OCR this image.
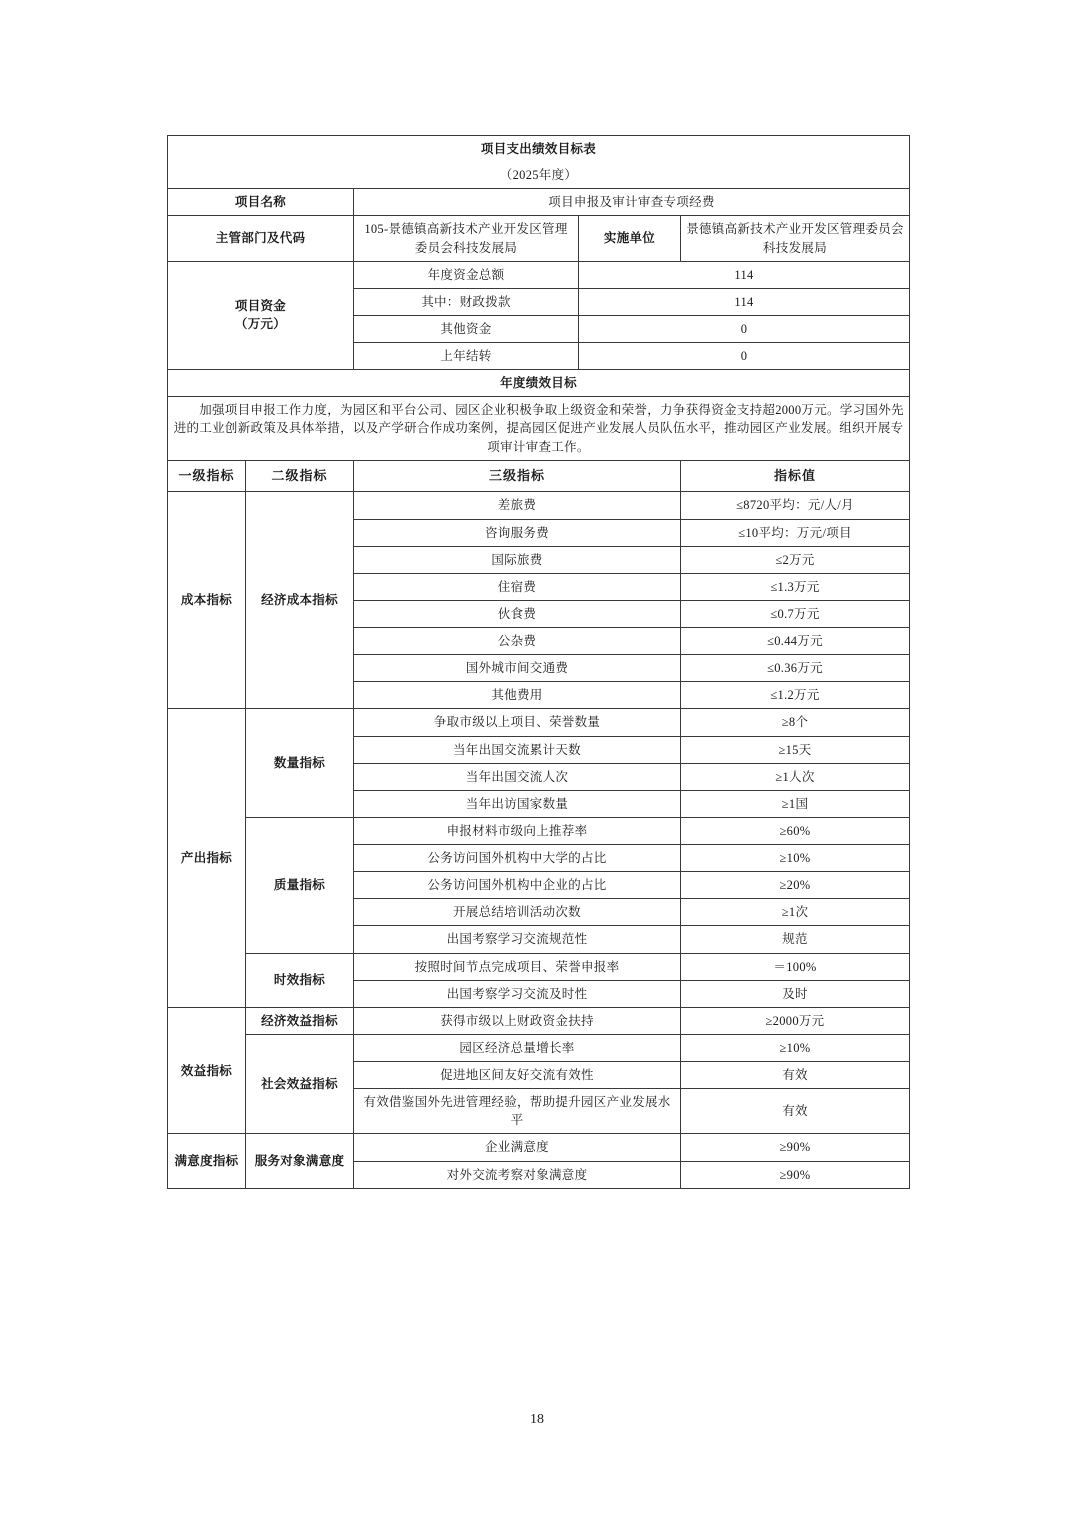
项目支出绩效目标表				
（2025年度）				
项目名称		项目申报及审计审查专项经费		
主管部门及代码		105-景德镇高新技术产业开发区管理委员会科技发展局	实施单位	景德镇高新技术产业开发区管理委员会科技发展局

项目资金
（万元）		年度资金总额	114	
		其中：财政拨款	114	
		其他资金	0	
		上年结转	0	
年度绩效目标				
加强项目申报工作力度，为园区和平台公司、园区企业积极争取上级资金和荣誉，力争获得资金支持超2000万元。学习国外先进的工业创新政策及具体举措，以及产学研合作成功案例，提高园区促进产业发展人员队伍水平，推动园区产业发展。组织开展专项审计审查工作。				
一级指标	二级指标	三级指标		指标值
成本指标	经济成本指标	差旅费		≤8720平均：元/人/月
		咨询服务费		≤10平均：万元/项目
		国际旅费		≤2万元
		住宿费		≤1.3万元
		伙食费		≤0.7万元
		公杂费		≤0.44万元
		国外城市间交通费		≤0.36万元
		其他费用		≤1.2万元
产出指标	数量指标	争取市级以上项目、荣誉数量		≥8个
		当年出国交流累计天数		≥15天
		当年出国交流人次		≥1人次
		当年出访国家数量		≥1国
	质量指标	申报材料市级向上推荐率		≥60%
		公务访问国外机构中大学的占比		≥10%
		公务访问国外机构中企业的占比		≥20%
		开展总结培训活动次数		≥1次
		出国考察学习交流规范性		规范
	时效指标	按照时间节点完成项目、荣誉申报率		＝100%
		出国考察学习交流及时性		及时
效益指标	经济效益指标	获得市级以上财政资金扶持		≥2000万元
	社会效益指标	园区经济总量增长率		≥10%
		促进地区间友好交流有效性		有效
		有效借鉴国外先进管理经验，帮助提升园区产业发展水平		有效
满意度指标	服务对象满意度	企业满意度		≥90%
		对外交流考察对象满意度		≥90%
18
